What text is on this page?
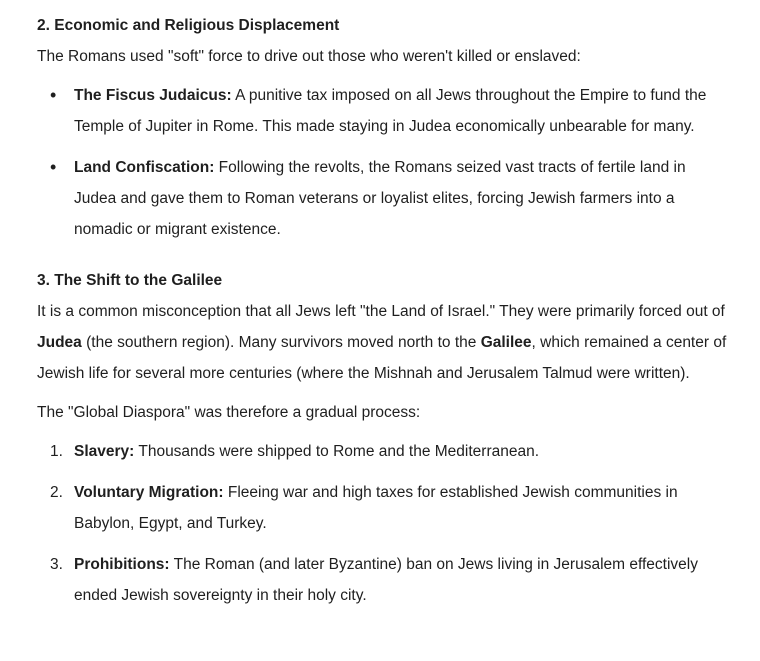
2. Economic and Religious Displacement

The Romans used "soft" force to drive out those who weren't killed or enslaved:

• The Fiscus Judaicus: A punitive tax imposed on all Jews throughout the Empire to fund the Temple of Jupiter in Rome. This made staying in Judea economically unbearable for many.
• Land Confiscation: Following the revolts, the Romans seized vast tracts of fertile land in Judea and gave them to Roman veterans or loyalist elites, forcing Jewish farmers into a nomadic or migrant existence.
3. The Shift to the Galilee

It is a common misconception that all Jews left "the Land of Israel." They were primarily forced out of Judea (the southern region). Many survivors moved north to the Galilee, which remained a center of Jewish life for several more centuries (where the Mishnah and Jerusalem Talmud were written).

The "Global Diaspora" was therefore a gradual process:

1. Slavery: Thousands were shipped to Rome and the Mediterranean.
2. Voluntary Migration: Fleeing war and high taxes for established Jewish communities in Babylon, Egypt, and Turkey.
3. Prohibitions: The Roman (and later Byzantine) ban on Jews living in Jerusalem effectively ended Jewish sovereignty in their holy city.
